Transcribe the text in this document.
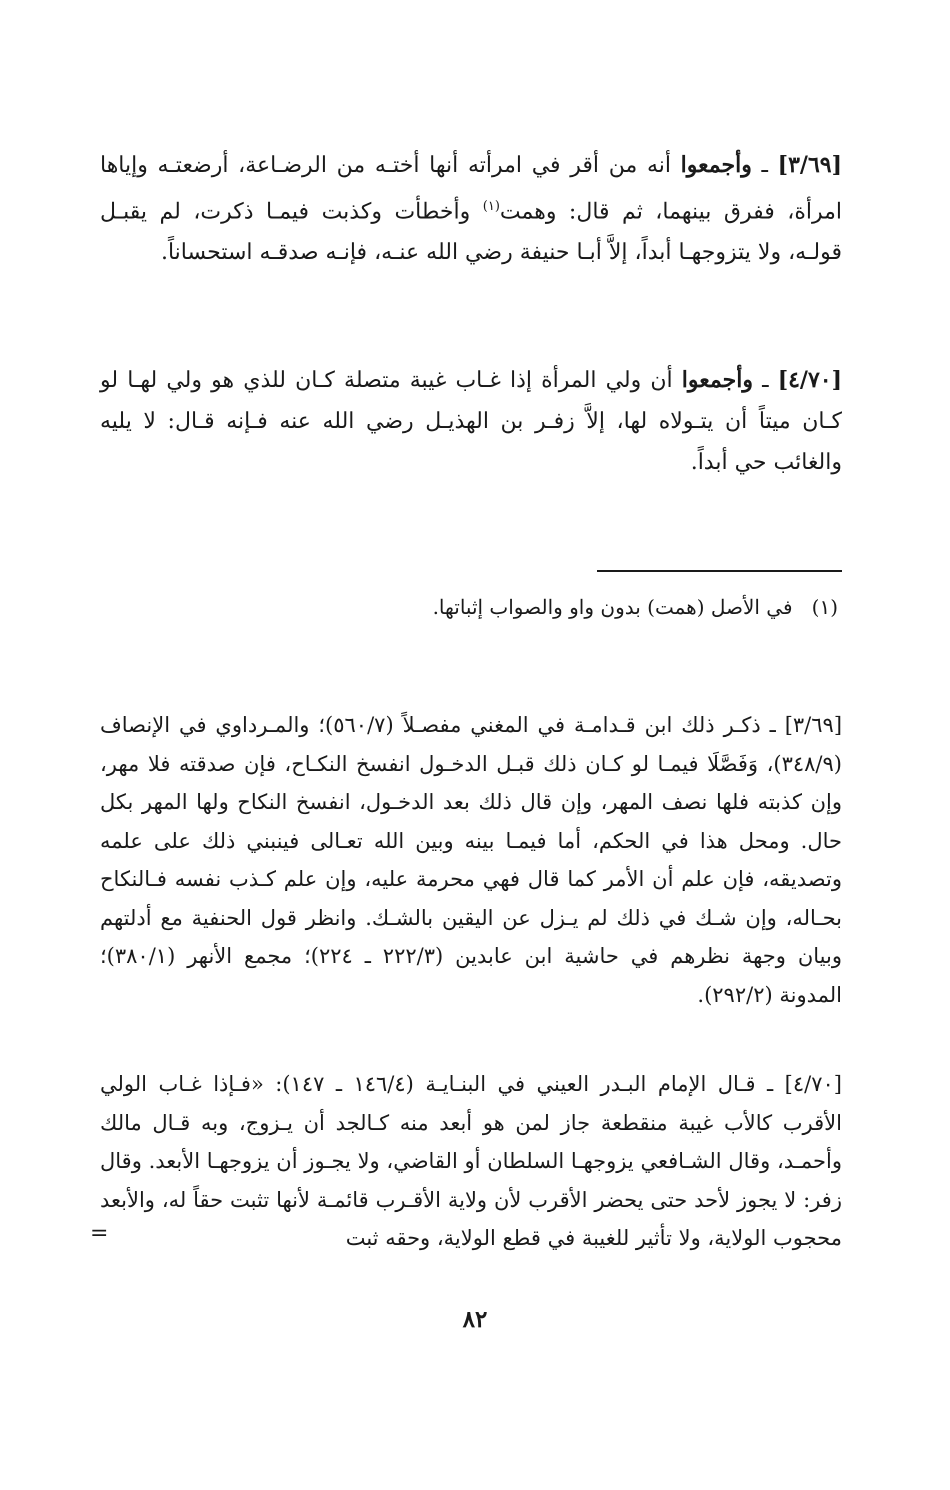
[٣/٦٩] ـ وأجمعوا أنه من أقر في امرأته أنها أختـه من الرضـاعة، أرضعتـه وإياها امرأة، ففرق بينهما، ثم قال: وهمت$^{(١)}$ وأخطأت وكذبت فيمـا ذكرت، لم يقبـل قولـه، ولا يتزوجهـا أبداً، إلاَّ أبـا حنيفة رضي الله عنـه، فإنـه صدقـه استحساناً.

[٤/٧٠] ـ وأجمعوا أن ولي المرأة إذا غـاب غيبة متصلة كـان للذي هو ولي لهـا لو كـان ميتاً أن يتـولاه لها، إلاَّ زفـر بن الهذيـل رضي الله عنه فـإنه قـال: لا يليه والغائب حي أبداً.

(١)   في الأصل (همت) بدون واو والصواب إثباتها.

[٣/٦٩] ـ ذكـر ذلك ابن قـدامـة في المغني مفصـلاً (٥٦٠/٧)؛ والمـرداوي في الإنصاف (٣٤٨/٩)، وَفَصَّلَا فيمـا لو كـان ذلك قبـل الدخـول انفسخ النكـاح، فإن صدقته فلا مهر، وإن كذبته فلها نصف المهر، وإن قال ذلك بعد الدخـول، انفسخ النكاح ولها المهر بكل حال. ومحل هذا في الحكم، أما فيمـا بينه وبين الله تعـالى فينبني ذلك على علمه وتصديقه، فإن علم أن الأمر كما قال فهي محرمة عليه، وإن علم كـذب نفسه فـالنكاح بحـاله، وإن شـك في ذلك لم يـزل عن اليقين بالشـك. وانظر قول الحنفية مع أدلتهم وبيان وجهة نظرهم في حاشية ابن عابدين (٢٢٢/٣ ـ ٢٢٤)؛ مجمع الأنهر (٣٨٠/١)؛ المدونة (٢٩٢/٢).

[٤/٧٠] ـ قـال الإمام البـدر العيني في البنـايـة (١٤٦/٤ ـ ١٤٧): «فـإذا غـاب الولي الأقرب كالأب غيبة منقطعة جاز لمن هو أبعد منه كـالجد أن يـزوج، وبه قـال مالك وأحمـد، وقال الشـافعي يزوجهـا السلطان أو القاضي، ولا يجـوز أن يزوجهـا الأبعد. وقال زفر: لا يجوز لأحد حتى يحضر الأقرب لأن ولاية الأقـرب قائمـة لأنها تثبت حقاً له، والأبعد محجوب الولاية، ولا تأثير للغيبة في قطع الولاية، وحقه ثبت

=
٨٢
